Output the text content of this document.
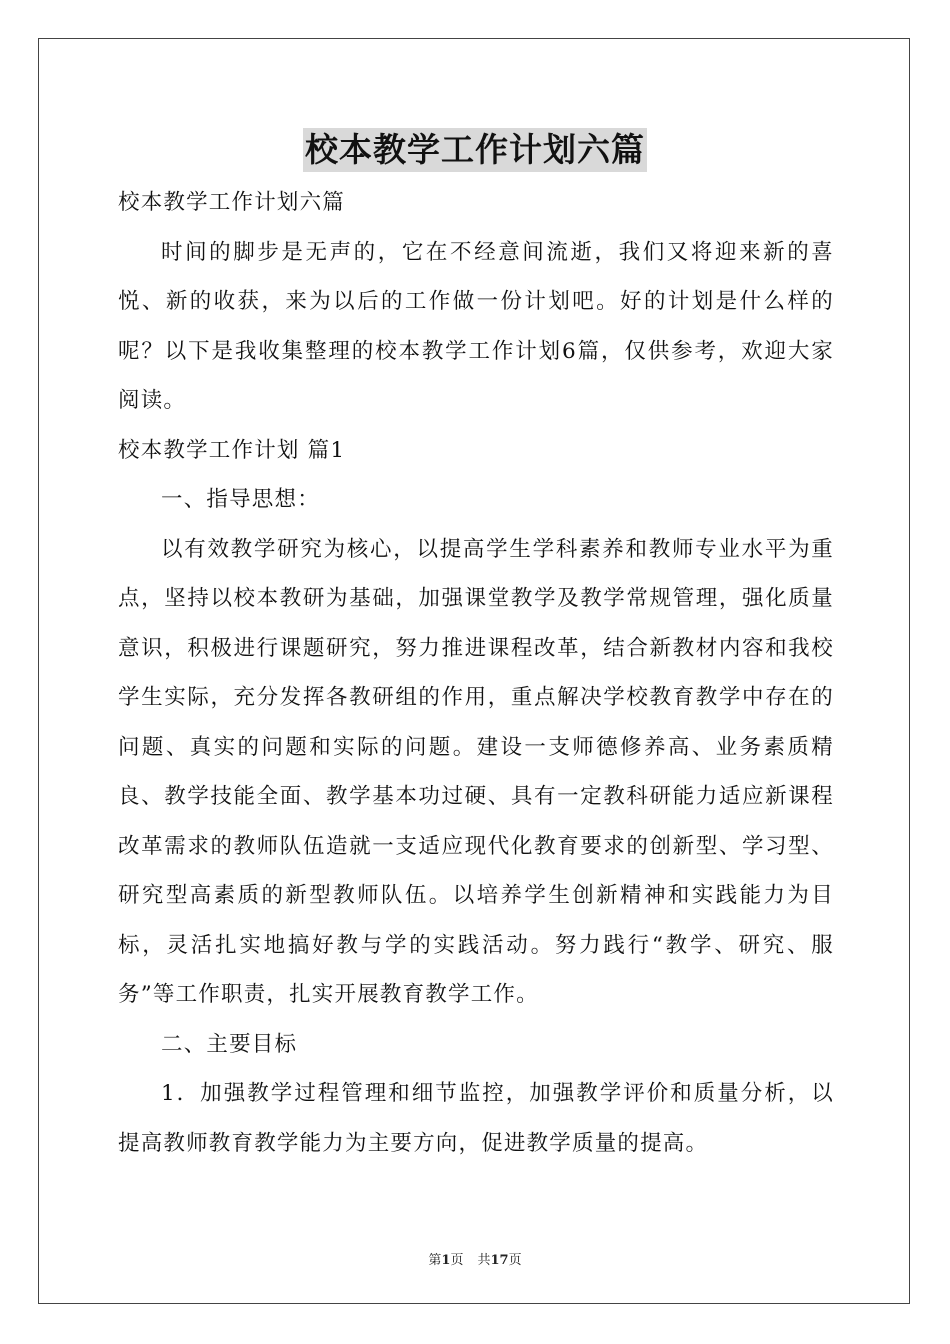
校本教学工作计划六篇

校本教学工作计划六篇

时间的脚步是无声的，它在不经意间流逝，我们又将迎来新的喜悦、新的收获，来为以后的工作做一份计划吧。好的计划是什么样的呢？以下是我收集整理的校本教学工作计划6篇，仅供参考，欢迎大家阅读。

校本教学工作计划 篇1

一、指导思想：

以有效教学研究为核心，以提高学生学科素养和教师专业水平为重点，坚持以校本教研为基础，加强课堂教学及教学常规管理，强化质量意识，积极进行课题研究，努力推进课程改革，结合新教材内容和我校学生实际，充分发挥各教研组的作用，重点解决学校教育教学中存在的问题、真实的问题和实际的问题。建设一支师德修养高、业务素质精良、教学技能全面、教学基本功过硬、具有一定教科研能力适应新课程改革需求的教师队伍造就一支适应现代化教育要求的创新型、学习型、研究型高素质的新型教师队伍。以培养学生创新精神和实践能力为目标，灵活扎实地搞好教与学的实践活动。努力践行“教学、研究、服务”等工作职责，扎实开展教育教学工作。

二、主要目标

1．加强教学过程管理和细节监控，加强教学评价和质量分析，以提高教师教育教学能力为主要方向，促进教学质量的提高。

第1页 共17页
